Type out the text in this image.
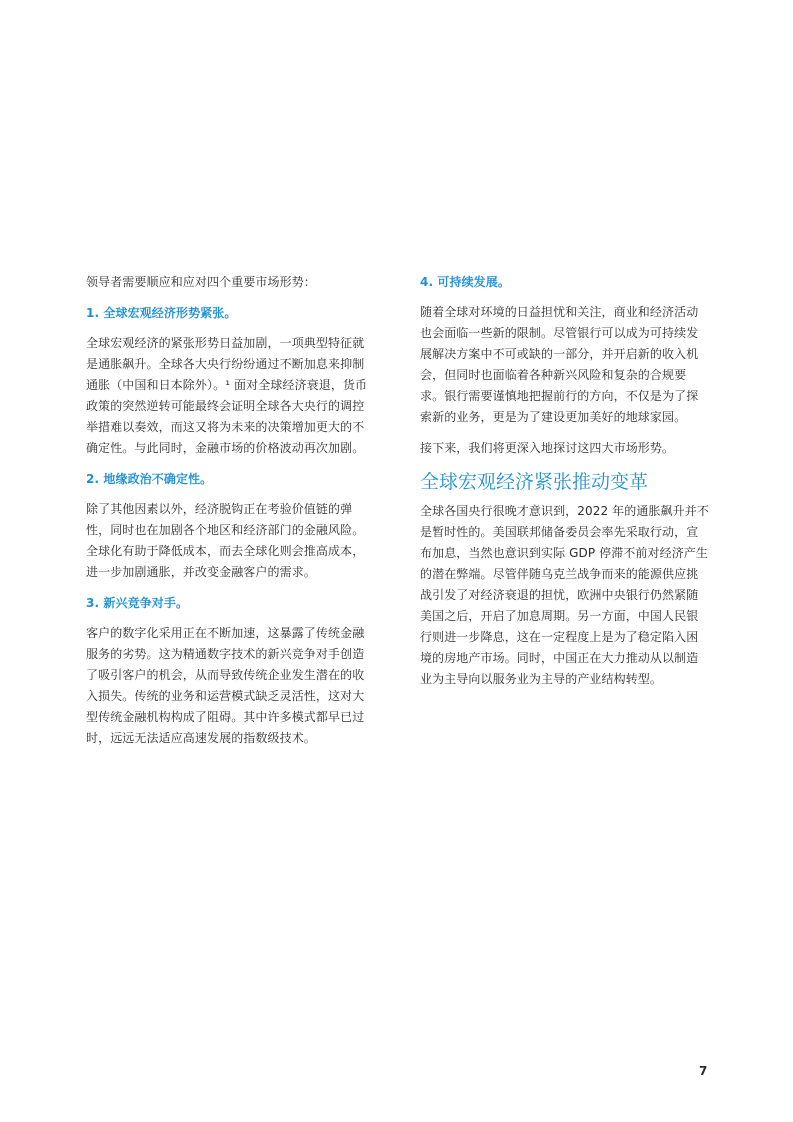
领导者需要顺应和应对四个重要市场形势：

1. 全球宏观经济形势紧张。

全球宏观经济的紧张形势日益加剧，一项典型特征就是通胀飙升。全球各大央行纷纷通过不断加息来抑制通胀（中国和日本除外）。¹ 面对全球经济衰退，货币政策的突然逆转可能最终会证明全球各大央行的调控举措难以奏效，而这又将为未来的决策增加更大的不确定性。与此同时，金融市场的价格波动再次加剧。

2. 地缘政治不确定性。

除了其他因素以外，经济脱钩正在考验价值链的弹性，同时也在加剧各个地区和经济部门的金融风险。全球化有助于降低成本，而去全球化则会推高成本，进一步加剧通胀，并改变金融客户的需求。

3. 新兴竞争对手。

客户的数字化采用正在不断加速，这暴露了传统金融服务的劣势。这为精通数字技术的新兴竞争对手创造了吸引客户的机会，从而导致传统企业发生潜在的收入损失。传统的业务和运营模式缺乏灵活性，这对大型传统金融机构构成了阻碍。其中许多模式都早已过时，远远无法适应高速发展的指数级技术。

4. 可持续发展。

随着全球对环境的日益担忧和关注，商业和经济活动也会面临一些新的限制。尽管银行可以成为可持续发展解决方案中不可或缺的一部分，并开启新的收入机会，但同时也面临着各种新兴风险和复杂的合规要求。银行需要谨慎地把握前行的方向，不仅是为了探索新的业务，更是为了建设更加美好的地球家园。

接下来，我们将更深入地探讨这四大市场形势。

全球宏观经济紧张推动变革

全球各国央行很晚才意识到，2022 年的通胀飙升并不是暂时性的。美国联邦储备委员会率先采取行动，宣布加息，当然也意识到实际 GDP 停滞不前对经济产生的潜在弊端。尽管伴随乌克兰战争而来的能源供应挑战引发了对经济衰退的担忧，欧洲中央银行仍然紧随美国之后，开启了加息周期。另一方面，中国人民银行则进一步降息，这在一定程度上是为了稳定陷入困境的房地产市场。同时，中国正在大力推动从以制造业为主导向以服务业为主导的产业结构转型。

7
